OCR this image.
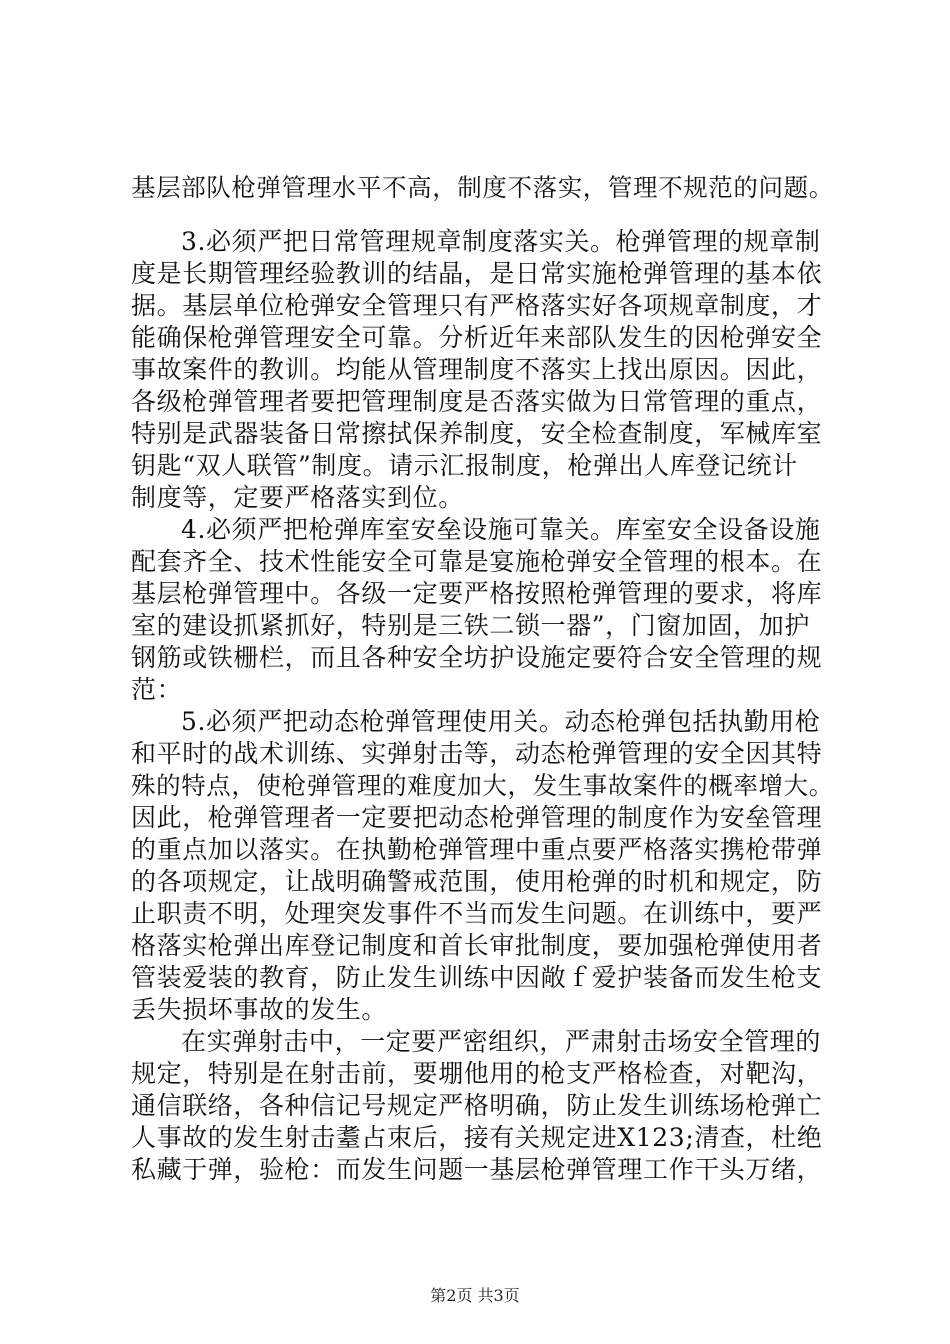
基层部队枪弹管理水平不高，制度不落实，管理不规范的问题。
3.必须严把日常管理规章制度落实关。枪弹管理的规章制
度是长期管理经验教训的结晶，是日常实施枪弹管理的基本依
据。基层单位枪弹安全管理只有严格落实好各项规章制度，才
能确保枪弹管理安全可靠。分析近年来部队发生的因枪弹安全
事故案件的教训。均能从管理制度不落实上找出原因。因此，
各级枪弹管理者要把管理制度是否落实做为日常管理的重点，
特别是武器装备日常擦拭保养制度，安全检查制度，军械库室
钥匙“双人联管”制度。请示汇报制度，枪弹出人库登记统计
制度等，定要严格落实到位。
4.必须严把枪弹库室安垒设施可靠关。库室安全设备设施
配套齐全、技术性能安全可靠是宴施枪弹安全管理的根本。在
基层枪弹管理中。各级一定要严格按照枪弹管理的要求，将库
室的建设抓紧抓好，特别是三铁二锁一器”，门窗加固，加护
钢筋或铁栅栏，而且各种安全坊护设施定要符合安全管理的规
范：
5.必须严把动态枪弹管理使用关。动态枪弹包括执勤用枪
和平时的战术训练、实弹射击等，动态枪弹管理的安全因其特
殊的特点，使枪弹管理的难度加大，发生事故案件的概率增大。
因此，枪弹管理者一定要把动态枪弹管理的制度作为安垒管理
的重点加以落实。在执勤枪弹管理中重点要严格落实携枪带弹
的各项规定，让战明确警戒范围，使用枪弹的时机和规定，防
止职责不明，处理突发事件不当而发生问题。在训练中，要严
格落实枪弹出库登记制度和首长审批制度，要加强枪弹使用者
管装爱装的教育，防止发生训练中因敞ｆ爱护装备而发生枪支
丢失损坏事故的发生。
在实弹射击中，一定要严密组织，严肃射击场安全管理的
规定，特别是在射击前，要堋他用的枪支严格检查，对靶沟，
通信联络，各种信记号规定严格明确，防止发生训练场枪弹亡
人事故的发生射击耋占朿后，接有关规定进X123;清查，杜绝
私藏于弹，验枪：而发生问题一基层枪弹管理工作干头万绪，
第2页 共3页
